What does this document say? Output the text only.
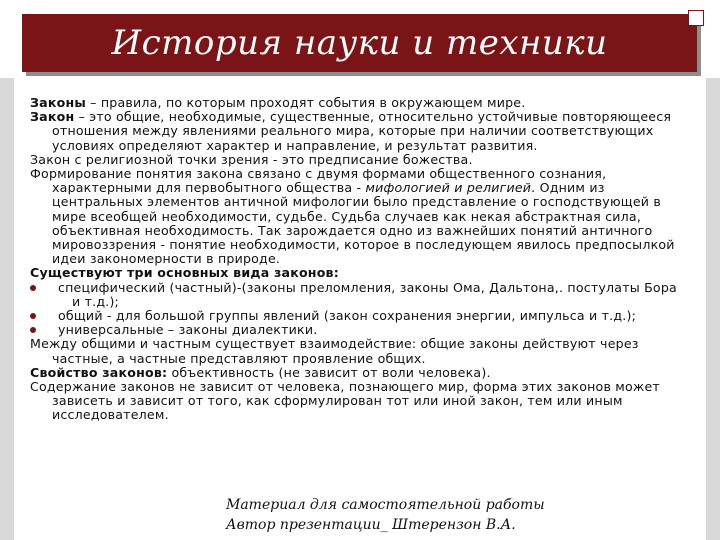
История науки и техники

Законы – правила, по которым проходят события в окружающем мире.

Закон – это общие, необходимые, существенные, относительно устойчивые повторяющееся отношения между явлениями реального мира, которые при наличии соответствующих условиях определяют характер и направление, и результат развития.

Закон с религиозной точки зрения - это предписание божества.

Формирование понятия закона связано с двумя формами общественного сознания, характерными для первобытного общества - мифологией и религией. Одним из центральных элементов античной мифологии было представление о господствующей в мире всеобщей необходимости, судьбе. Судьба случаев как некая абстрактная сила, объективная необходимость. Так зарождается одно из важнейших понятий античного мировоззрения - понятие необходимости, которое в последующем явилось предпосылкой идеи закономерности в природе.

Существуют три основных вида законов:

специфический (частный)-(законы преломления, законы Ома, Дальтона,. постулаты Бора и т.д.);
общий - для большой группы явлений (закон сохранения энергии, импульса и т.д.);
универсальные – законы диалектики.

Между общими и частным существует взаимодействие: общие законы действуют через частные, а частные представляют проявление общих.

Свойство законов: объективность (не зависит от воли человека).

Содержание законов не зависит от человека, познающего мир, форма этих законов может зависеть и зависит от того, как сформулирован тот или иной закон, тем или иным исследователем.

Материал для самостоятельной работы
Автор презентации_ Штерензон В.А.
